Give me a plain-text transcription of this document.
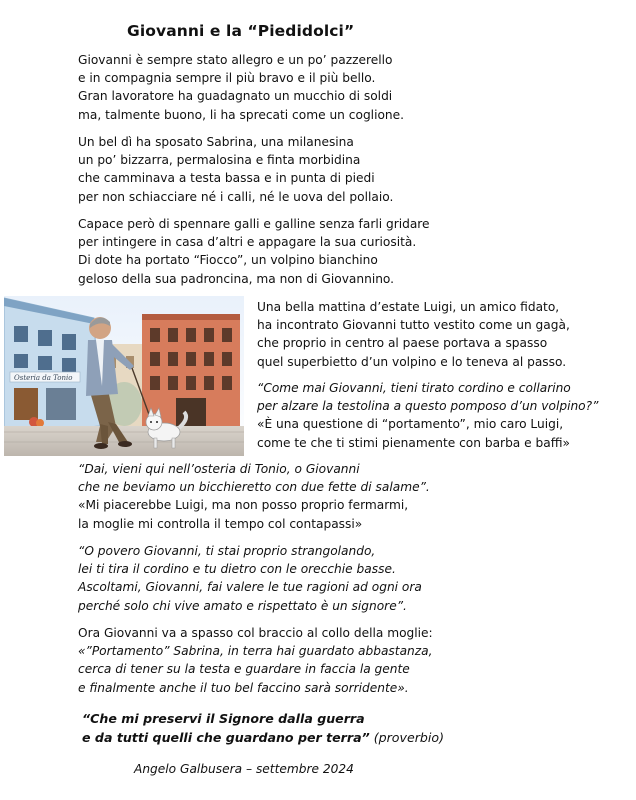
Giovanni e la “Piedidolci”
Giovanni è sempre stato allegro e un po’ pazzerello
e in compagnia sempre il più bravo e il più bello.
Gran lavoratore ha guadagnato un mucchio di soldi
ma, talmente buono, li ha sprecati come un coglione.
Un bel dì ha sposato Sabrina, una milanesina
un po’ bizzarra, permalosina e finta morbidina
che camminava a testa bassa e in punta di piedi
per non schiacciare né i calli, né le uova del pollaio.
Capace però di spennare galli e galline senza farli gridare
per intingere in casa d’altri e appagare la sua curiosità.
Di dote ha portato “Fiocco”, un volpino bianchino
geloso della sua padroncina, ma non di Giovannino.
Osteria da Tonio
Una bella mattina d’estate Luigi, un amico fidato,
ha incontrato Giovanni tutto vestito come un gagà,
che proprio in centro al paese portava a spasso
quel superbietto d’un volpino e lo teneva al passo.
“Come mai Giovanni, tieni tirato cordino e collarino
per alzare la testolina a questo pomposo d’un volpino?”
«È una questione di “portamento”, mio caro Luigi,
come te che ti stimi pienamente con barba e baffi»
“Dai, vieni qui nell’osteria di Tonio, o Giovanni
che ne beviamo un bicchieretto con due fette di salame”.
«Mi piacerebbe Luigi, ma non posso proprio fermarmi,
la moglie mi controlla il tempo col contapassi»
“O povero Giovanni, ti stai proprio strangolando,
lei ti tira il cordino e tu dietro con le orecchie basse.
Ascoltami, Giovanni, fai valere le tue ragioni ad ogni ora
perché solo chi vive amato e rispettato è un signore”.
Ora Giovanni va a spasso col braccio al collo della moglie:
«”Portamento” Sabrina, in terra hai guardato abbastanza,
cerca di tener su la testa e guardare in faccia la gente
e finalmente anche il tuo bel faccino sarà sorridente».
“Che mi preservi il Signore dalla guerra
e da tutti quelli che guardano per terra” (proverbio)
Angelo Galbusera – settembre 2024
